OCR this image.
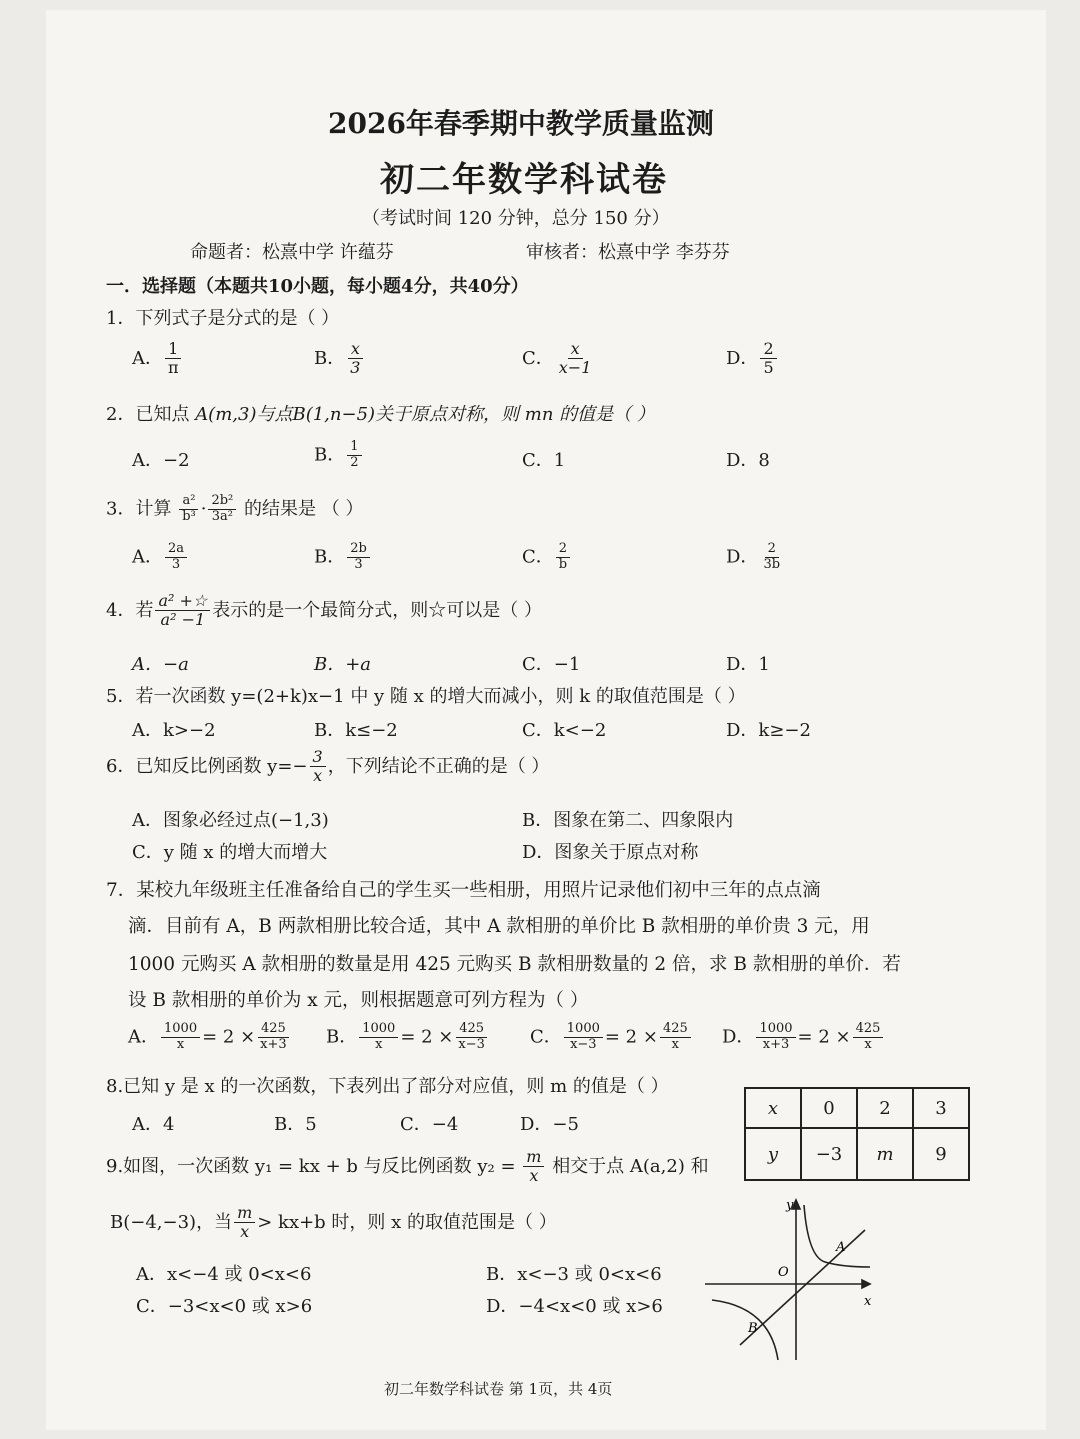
2026年春季期中教学质量监测
初二年数学科试卷
（考试时间 120 分钟，总分 150 分）
命题者：松熹中学 许蕴芬	审核者：松熹中学 李芬芬
一．选择题（本题共10小题，每小题4分，共40分）
1．下列式子是分式的是（ ）
A． $\frac{1}{\pi}$	B． $\frac{x}{3}$	C． $\frac{x}{x-1}$	D． $\frac{2}{5}$
2．已知点 A(m,3)与点B(1,n−5)关于原点对称，则 mn 的值是（ ）
A．−2	B． $\frac{1}{2}$	C．1	D．8
3．计算 $\frac{\text{a²}}{\text{b³}} \cdot \frac{\text{2b²}}{\text{3a²}}$ 的结果是 （ ）
A． $\frac{2a}{3}$	B． $\frac{2b}{3}$	C． $\frac{2}{b}$	D． $\frac{2}{3b}$
4．若 $\frac{\text{a² +☆}}{\text{a² −1}}$ 表示的是一个最简分式，则☆可以是（ ）
A．−a	B．+a	C．−1	D．1
5．若一次函数 y=(2+k)x−1 中 y 随 x 的增大而减小，则 k 的取值范围是（ ）
A．k>−2	B．k≤−2	C．k<−2	D．k≥−2
6．已知反比例函数 $y=- \frac{3}{x}$ ，下列结论不正确的是（ ）
A．图象必经过点(−1,3)	B．图象在第二、四象限内
C．y 随 x 的增大而增大	D．图象关于原点对称
7．某校九年级班主任准备给自己的学生买一些相册，用照片记录他们初中三年的点点滴
滴．目前有 A，B 两款相册比较合适，其中 A 款相册的单价比 B 款相册的单价贵 3 元，用
1000 元购买 A 款相册的数量是用 425 元购买 B 款相册数量的 2 倍，求 B 款相册的单价．若
设 B 款相册的单价为 x 元，则根据题意可列方程为（ ）
A． $\frac{1000}{x} = 2 \times \frac{425}{x+3}$ B． $\frac{1000}{x} = 2 \times \frac{425}{x-3}$ C． $\frac{1000}{x-3} = 2 \times \frac{425}{x}$ D． $\frac{1000}{x+3} = 2 \times \frac{425}{x}$
8.已知 y 是 x 的一次函数，下表列出了部分对应值，则 m 的值是（ ）
A．4	B．5	C．−4	D．−5
x	0	2	3
y	−3	m	9
9.如图，一次函数 y₁ = kx + b 与反比例函数 $y_2 = \frac{m}{x}$ 相交于点 A(a,2) 和
B(−4,−3)，当 $\frac{m}{x} > kx+b$ 时，则 x 的取值范围是（ ）
A．x<−4 或 0<x<6	B．x<−3 或 0<x<6
C．−3<x<0 或 x>6	D．−4<x<0 或 x>6
y
x
O
A
B
初二年数学科试卷 第 1页，共 4页
